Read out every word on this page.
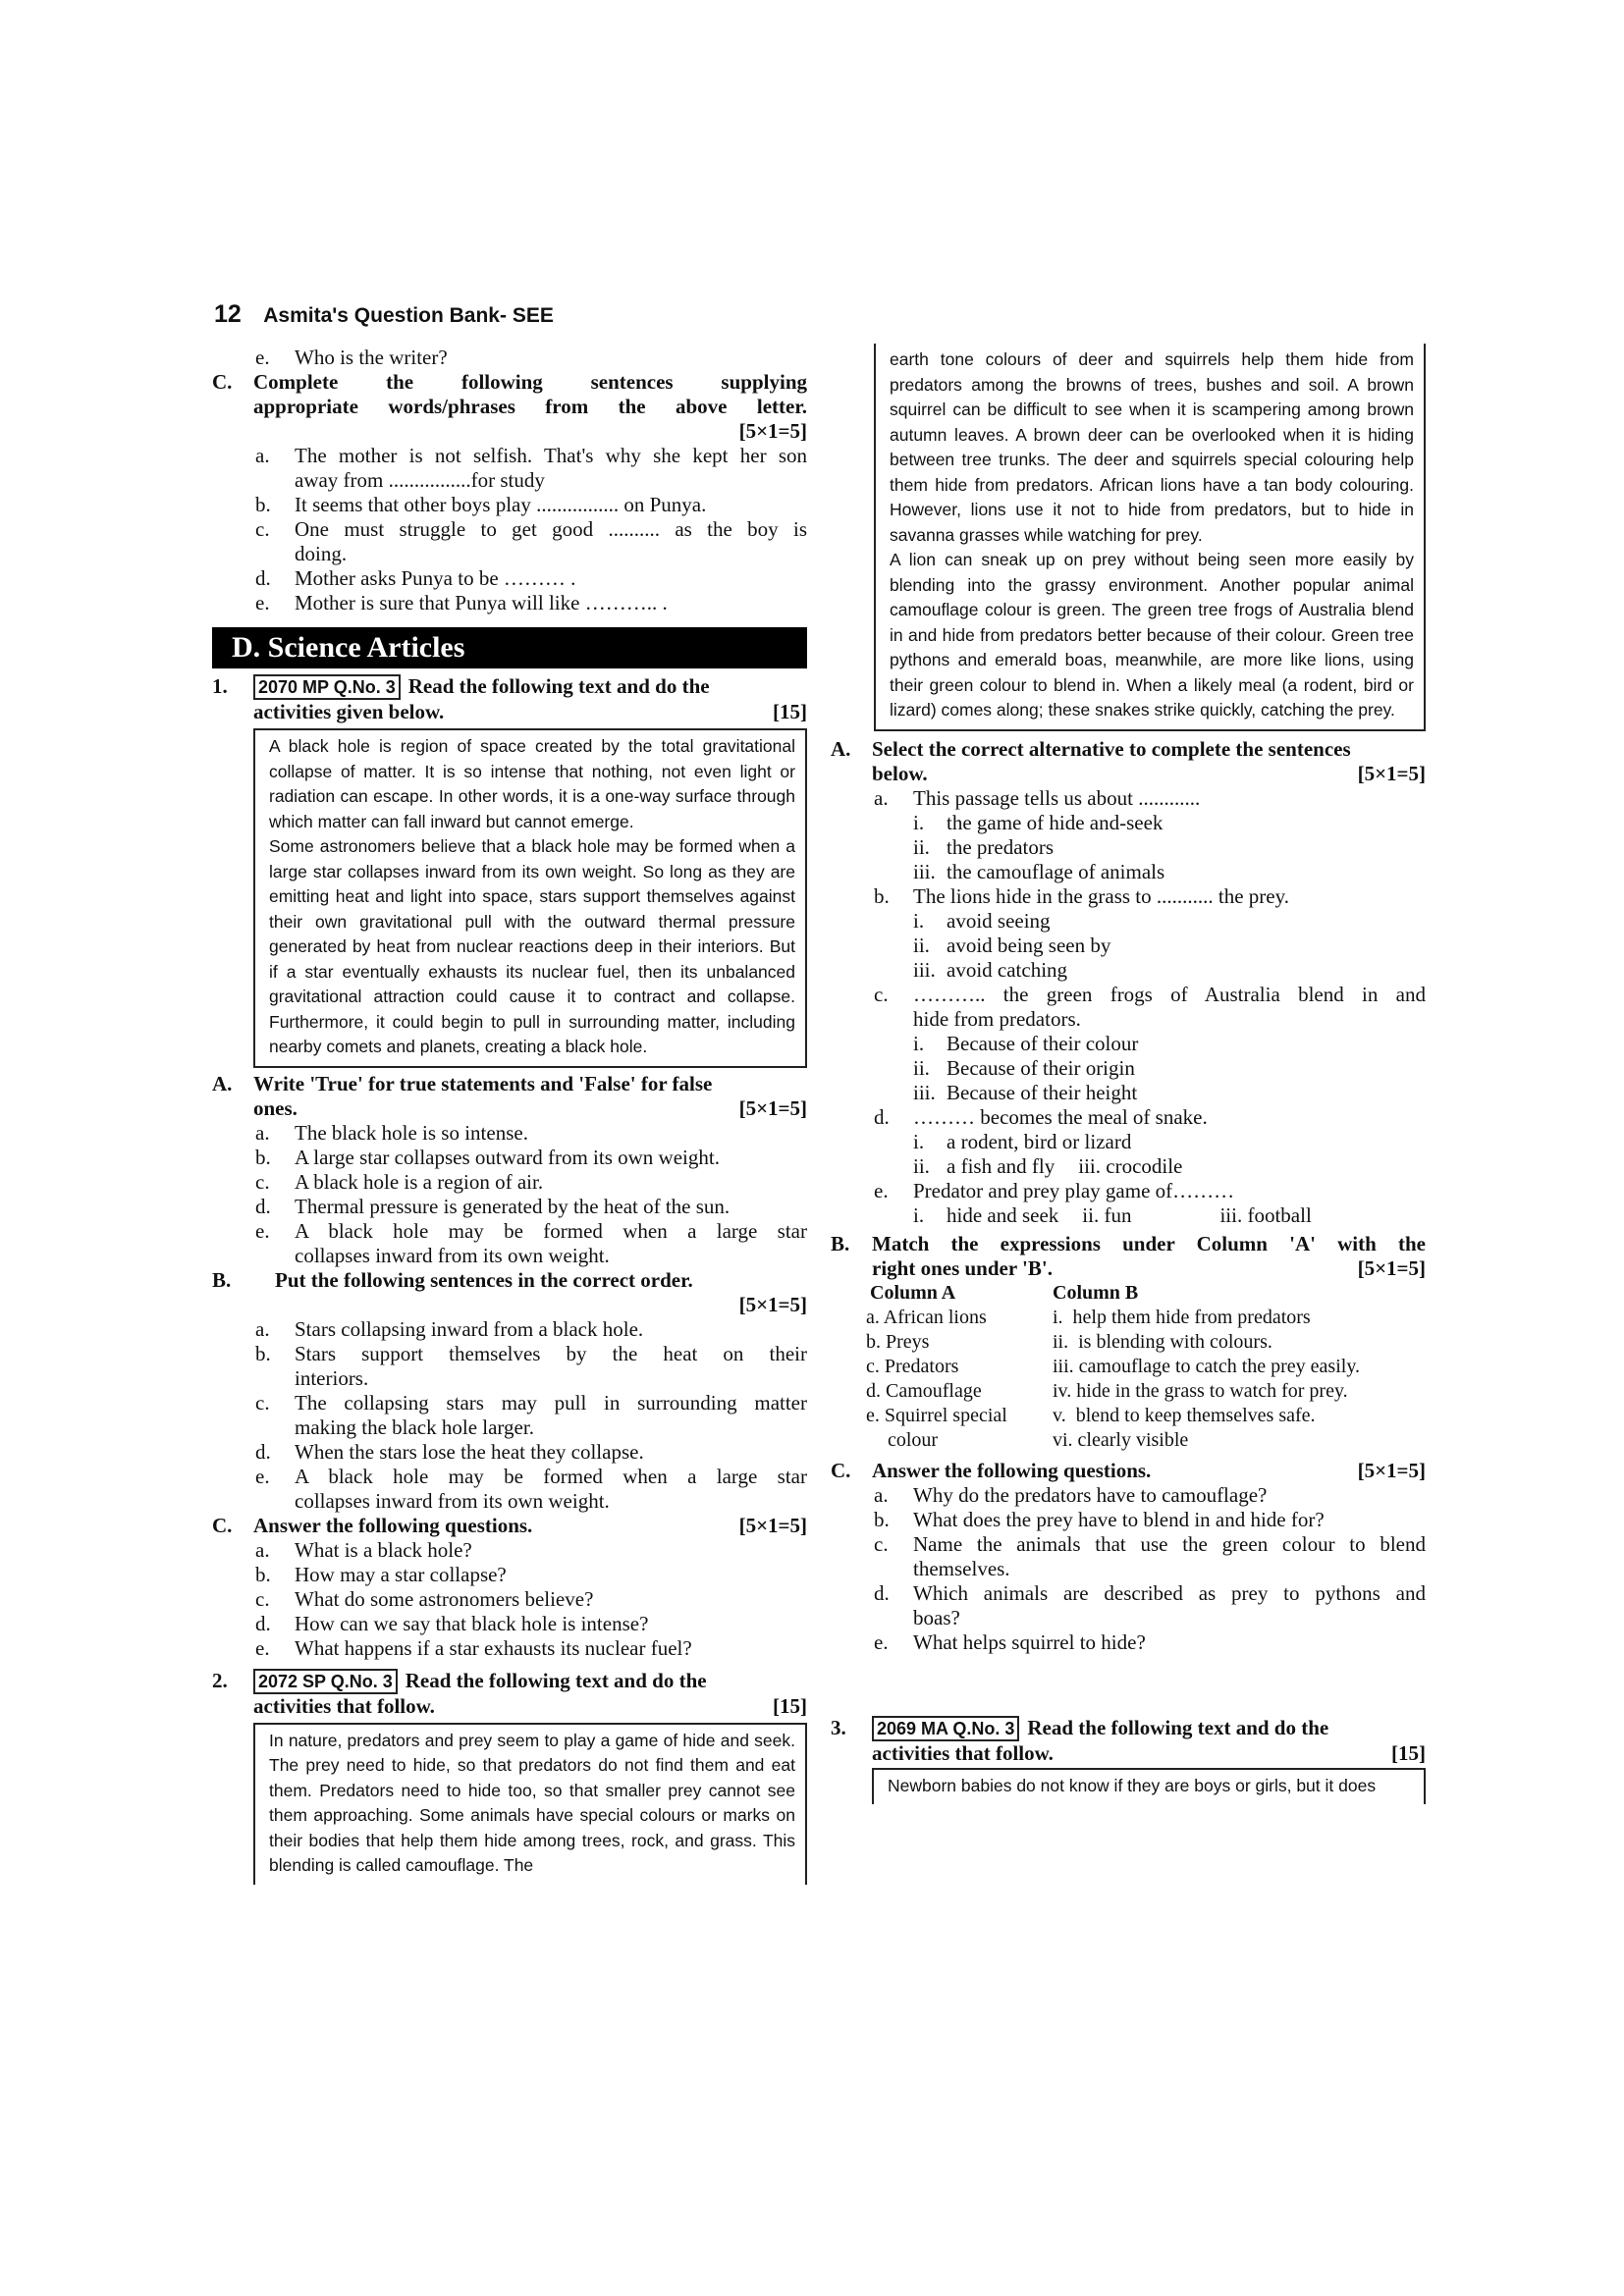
12 Asmita's Question Bank- SEE
e. Who is the writer?
C. Complete the following sentences supplying
appropriate words/phrases from the above letter.
[5×1=5]
a. The mother is not selfish. That's why she kept her son
away from ................for study
b. It seems that other boys play ................ on Punya.
c. One must struggle to get good .......... as the boy is
doing.
d. Mother asks Punya to be ……… .
e. Mother is sure that Punya will like ……….. .
D. Science Articles
1. 2070 MP Q.No. 3 Read the following text and do the
activities given below.	[15]

A black hole is region of space created by the total gravitational collapse of matter. It is so intense that nothing, not even light or radiation can escape. In other words, it is a one-way surface through which matter can fall inward but cannot emerge.

Some astronomers believe that a black hole may be formed when a large star collapses inward from its own weight. So long as they are emitting heat and light into space, stars support themselves against their own gravitational pull with the outward thermal pressure generated by heat from nuclear reactions deep in their interiors. But if a star eventually exhausts its nuclear fuel, then its unbalanced gravitational attraction could cause it to contract and collapse. Furthermore, it could begin to pull in surrounding matter, including nearby comets and planets, creating a black hole.

A. Write 'True' for true statements and 'False' for false
ones.	[5×1=5]
a. The black hole is so intense.
b. A large star collapses outward from its own weight.
c. A black hole is a region of air.
d. Thermal pressure is generated by the heat of the sun.
e. A black hole may be formed when a large star
collapses inward from its own weight.
B. Put the following sentences in the correct order.
[5×1=5]
a. Stars collapsing inward from a black hole.
b. Stars support themselves by the heat on their
interiors.
c. The collapsing stars may pull in surrounding matter
making the black hole larger.
d. When the stars lose the heat they collapse.
e. A black hole may be formed when a large star
collapses inward from its own weight.
C. Answer the following questions.	[5×1=5]
a. What is a black hole?
b. How may a star collapse?
c. What do some astronomers believe?
d. How can we say that black hole is intense?
e. What happens if a star exhausts its nuclear fuel?
2. 2072 SP Q.No. 3 Read the following text and do the
activities that follow.	[15]

In nature, predators and prey seem to play a game of hide and seek. The prey need to hide, so that predators do not find them and eat them. Predators need to hide too, so that smaller prey cannot see them approaching. Some animals have special colours or marks on their bodies that help them hide among trees, rock, and grass. This blending is called camouflage. The

earth tone colours of deer and squirrels help them hide from predators among the browns of trees, bushes and soil. A brown squirrel can be difficult to see when it is scampering among brown autumn leaves. A brown deer can be overlooked when it is hiding between tree trunks. The deer and squirrels special colouring help them hide from predators. African lions have a tan body colouring. However, lions use it not to hide from predators, but to hide in savanna grasses while watching for prey.

A lion can sneak up on prey without being seen more easily by blending into the grassy environment. Another popular animal camouflage colour is green. The green tree frogs of Australia blend in and hide from predators better because of their colour. Green tree pythons and emerald boas, meanwhile, are more like lions, using their green colour to blend in. When a likely meal (a rodent, bird or lizard) comes along; these snakes strike quickly, catching the prey.

A. Select the correct alternative to complete the sentences
below.	[5×1=5]
a. This passage tells us about ............
i. the game of hide and-seek
ii. the predators
iii. the camouflage of animals
b. The lions hide in the grass to ........... the prey.
i. avoid seeing
ii. avoid being seen by
iii. avoid catching
c. ……….. the green frogs of Australia blend in and
hide from predators.
i. Because of their colour
ii. Because of their origin
iii. Because of their height
d. ……… becomes the meal of snake.
i. a rodent, bird or lizard
ii. a fish and fly iii. crocodile
e. Predator and prey play game of………
i. hide and seek ii. fun	iii. football
B. Match the expressions under Column 'A' with the
right ones under 'B'.	[5×1=5]
Column A	Column B
a. African lions	i.  help them hide from predators
b. Preys	ii.  is blending with colours.
c. Predators	iii. camouflage to catch the prey easily.
d. Camouflage	iv. hide in the grass to watch for prey.
e. Squirrel special	v.  blend to keep themselves safe.
colour	vi. clearly visible
C. Answer the following questions.	[5×1=5]
a. Why do the predators have to camouflage?
b. What does the prey have to blend in and hide for?
c. Name the animals that use the green colour to blend
themselves.
d. Which animals are described as prey to pythons and
boas?
e. What helps squirrel to hide?
3. 2069 MA Q.No. 3 Read the following text and do the
activities that follow.	[15]

Newborn babies do not know if they are boys or girls, but it does
